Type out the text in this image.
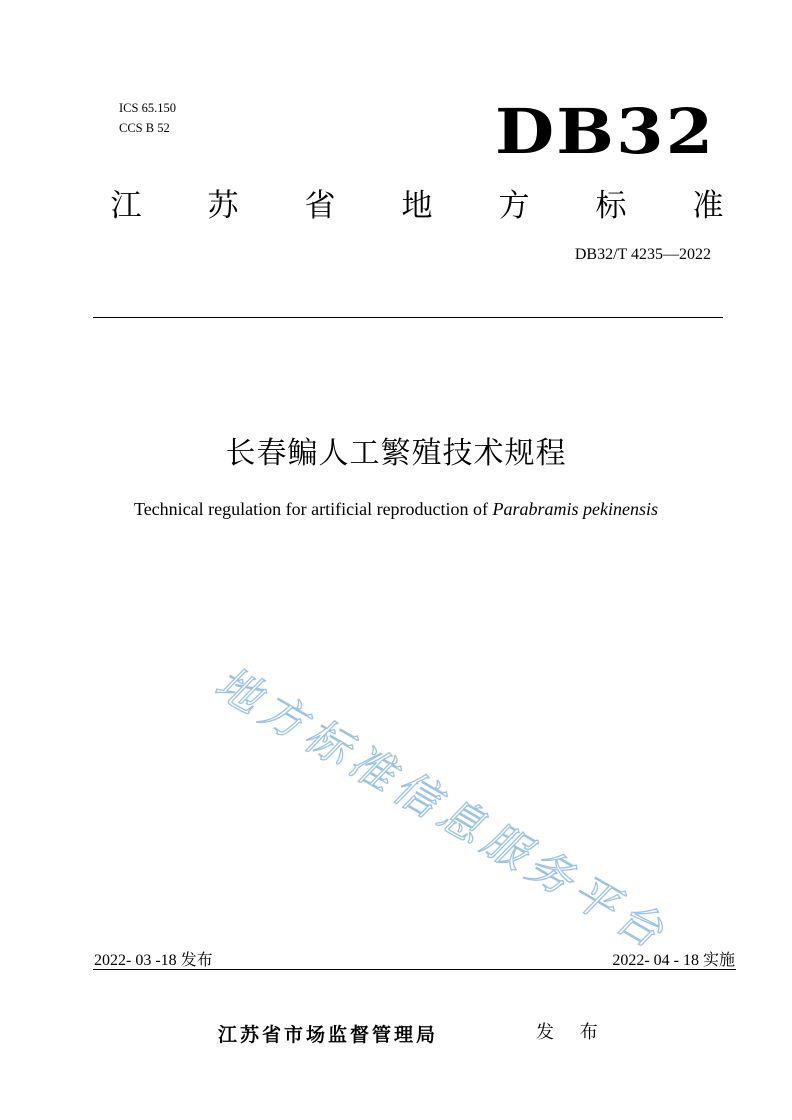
ICS 65.150
CCS B 52	DB32
江 苏 省 地 方 标 准
DB32/T 4235—2022
长春鳊人工繁殖技术规程
Technical regulation for artificial reproduction of Parabramis pekinensis
地
方
标
准
信
息
服
务
平
台
2022- 03 -18 发布	2022- 04 - 18 实施
江苏省市场监督管理局	发 布
